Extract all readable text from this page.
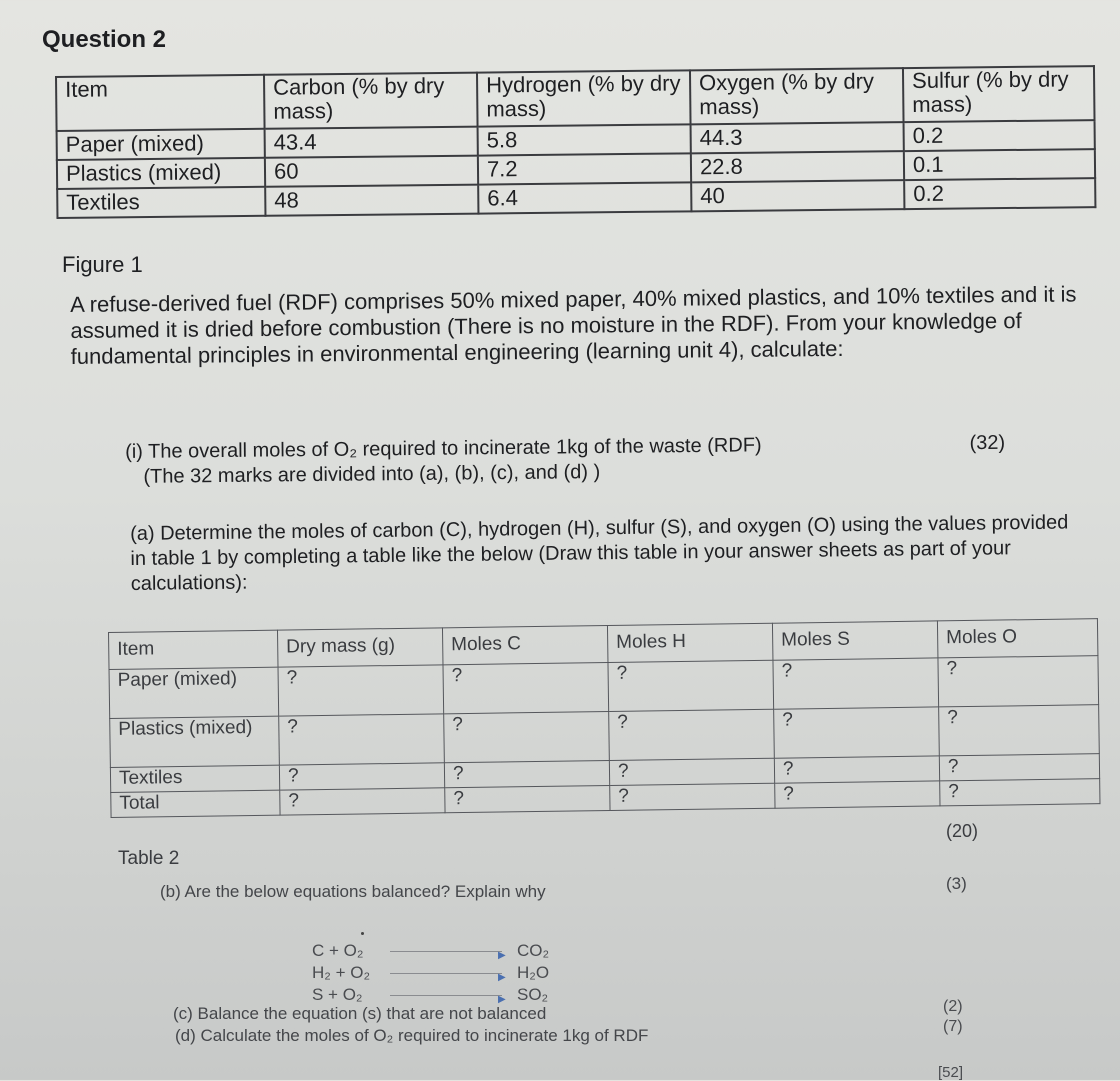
Question 2
Item	Carbon (% by dry mass)	Hydrogen (% by dry mass)	Oxygen (% by dry mass)	Sulfur (% by dry mass)
Paper (mixed)	43.4	5.8	44.3	0.2
Plastics (mixed)	60	7.2	22.8	0.1
Textiles	48	6.4	40	0.2
Figure 1
A refuse-derived fuel (RDF) comprises 50% mixed paper, 40% mixed plastics, and 10% textiles and it is assumed it is dried before combustion (There is no moisture in the RDF). From your knowledge of fundamental principles in environmental engineering (learning unit 4), calculate:
(i) The overall moles of O₂ required to incinerate 1kg of the waste (RDF)
(The 32 marks are divided into (a), (b), (c), and (d) )
(32)
(a) Determine the moles of carbon (C), hydrogen (H), sulfur (S), and oxygen (O) using the values provided in table 1 by completing a table like the below (Draw this table in your answer sheets as part of your calculations):
Item	Dry mass (g)	Moles C	Moles H	Moles S	Moles O
Paper (mixed)	?	?	?	?	?
Plastics (mixed)	?	?	?	?	?
Textiles	?	?	?	?	?
Total	?	?	?	?	?
Table 2
(20)
(b) Are the below equations balanced? Explain why	(3)
C + O₂	▶ CO₂
H₂ + O₂	▶ H₂O
S + O₂	▶ SO₂
(c) Balance the equation (s) that are not balanced	(2)
(d) Calculate the moles of O₂ required to incinerate 1kg of RDF	(7)
[52]
